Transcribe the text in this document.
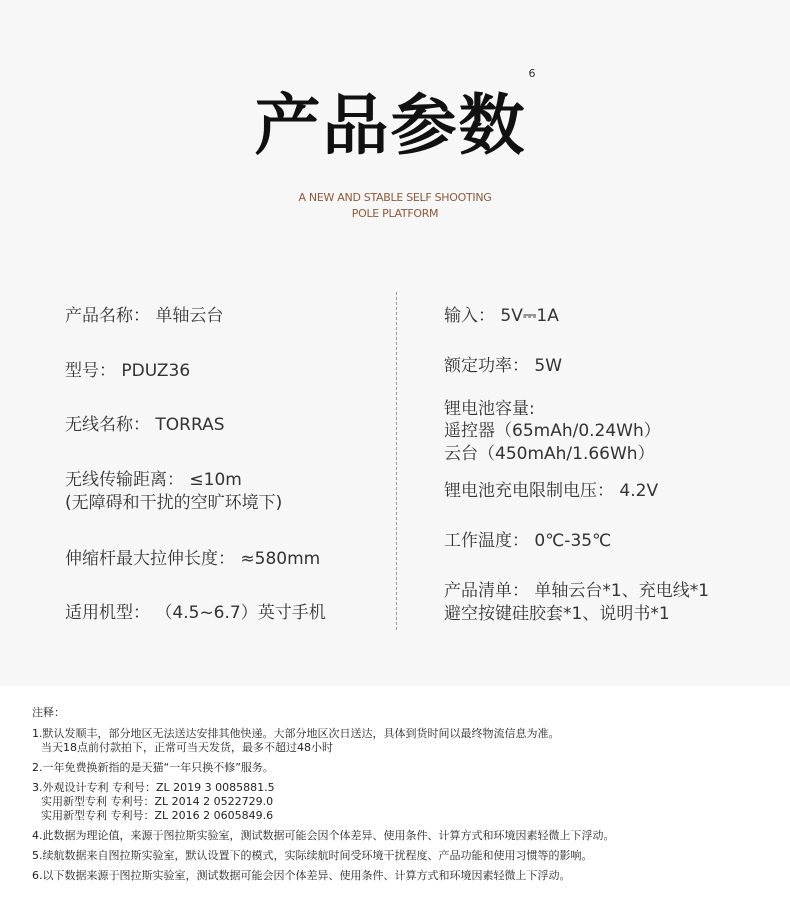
产品参数$^6$
A NEW AND STABLE SELF SHOOTING
POLE PLATFORM
产品名称： 单轴云台
型号： PDUZ36
无线名称： TORRAS
无线传输距离： ≤10m
(无障碍和干扰的空旷环境下)
伸缩杆最大拉伸长度： ≈580mm
适用机型： （4.5~6.7）英寸手机
输入： 5V⎓1A
额定功率： 5W
锂电池容量:
遥控器（65mAh/0.24Wh）
云台（450mAh/1.66Wh）
锂电池充电限制电压： 4.2V
工作温度： 0℃-35℃
产品清单： 单轴云台*1、充电线*1
避空按键硅胶套*1、说明书*1
注释：
1.默认发顺丰，部分地区无法送达安排其他快递。大部分地区次日送达，具体到货时间以最终物流信息为准。
当天18点前付款拍下，正常可当天发货，最多不超过48小时
2.一年免费换新指的是天猫“一年只换不修”服务。
3.外观设计专利 专利号：ZL 2019 3 0085881.5
实用新型专利 专利号：ZL 2014 2 0522729.0
实用新型专利 专利号：ZL 2016 2 0605849.6
4.此数据为理论值，来源于图拉斯实验室，测试数据可能会因个体差异、使用条件、计算方式和环境因素轻微上下浮动。
5.续航数据来自图拉斯实验室，默认设置下的模式，实际续航时间受环境干扰程度、产品功能和使用习惯等的影响。
6.以下数据来源于图拉斯实验室，测试数据可能会因个体差异、使用条件、计算方式和环境因素轻微上下浮动。
